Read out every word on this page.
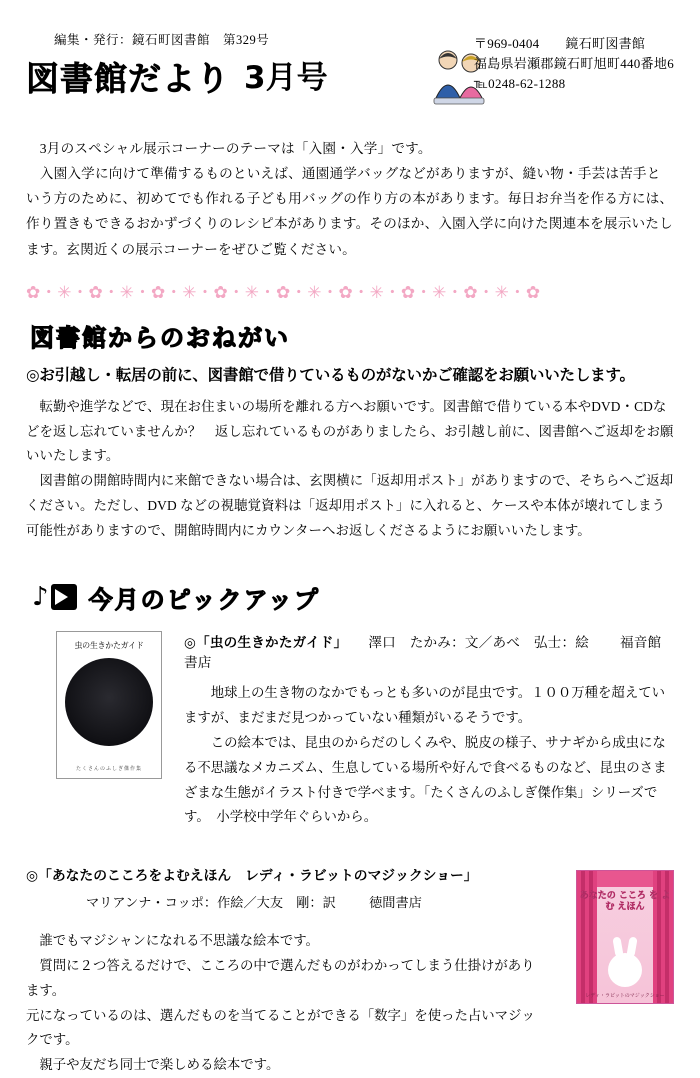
編集・発行：鏡石町図書館　第329号
図書館だより 3月号
〒969-0404 鏡石町図書館
福島県岩瀬郡鏡石町旭町440番地6
℡0248-62-1288

　3月のスペシャル展示コーナーのテーマは「入園・入学」です。

　入園入学に向けて準備するものといえば、通園通学バッグなどがありますが、縫い物・手芸は苦手という方のために、初めてでも作れる子ども用バッグの作り方の本があります。毎日お弁当を作る方には、作り置きもできるおかずづくりのレシピ本があります。そのほか、入園入学に向けた関連本を展示いたします。玄関近くの展示コーナーをぜひご覧ください。

✿・✳・✿・✳・✿・✳・✿・✳・✿・✳・✿・✳・✿・✳・✿・✳・✿
図書館からのおねがい
◎お引越し・転居の前に、図書館で借りているものがないかご確認をお願いいたします。

　転勤や進学などで、現在お住まいの場所を離れる方へお願いです。図書館で借りている本やDVD・CDなどを返し忘れていませんか？　返し忘れているものがありましたら、お引越し前に、図書館へご返却をお願いいたします。

　図書館の開館時間内に来館できない場合は、玄関横に「返却用ポスト」がありますので、そちらへご返却ください。ただし、DVD などの視聴覚資料は「返却用ポスト」に入れると、ケースや本体が壊れてしまう可能性がありますので、開館時間内にカウンターへお返しくださるようにお願いいたします。

♪ 今月のピックアップ
虫の生きかたガイド
たくさんのふしぎ傑作集
◎「虫の生きかたガイド」 澤口　たかみ：文／あべ　弘士：絵 福音館書店

　　地球上の生き物のなかでもっとも多いのが昆虫です。１００万種を超えていますが、まだまだ見つかっていない種類がいるそうです。

　　この絵本では、昆虫のからだのしくみや、脱皮の様子、サナギから成虫になる不思議なメカニズム、生息している場所や好んで食べるものなど、昆虫のさまざまな生態がイラスト付きで学べます。「たくさんのふしぎ傑作集」シリーズです。　小学校中学年ぐらいから。

◎「あなたのこころをよむえほん　レディ・ラビットのマジックショー」
マリアンナ・コッポ：作絵／大友　剛：訳	徳間書店	あなたの こころ を よむ えほん
レディ・ラビットのマジックショー

　誰でもマジシャンになれる不思議な絵本です。

　質問に２つ答えるだけで、こころの中で選んだものがわかってしまう仕掛けがあります。

元になっているのは、選んだものを当てることができる「数字」を使った占いマジックです。

　親子や友だち同士で楽しめる絵本です。
